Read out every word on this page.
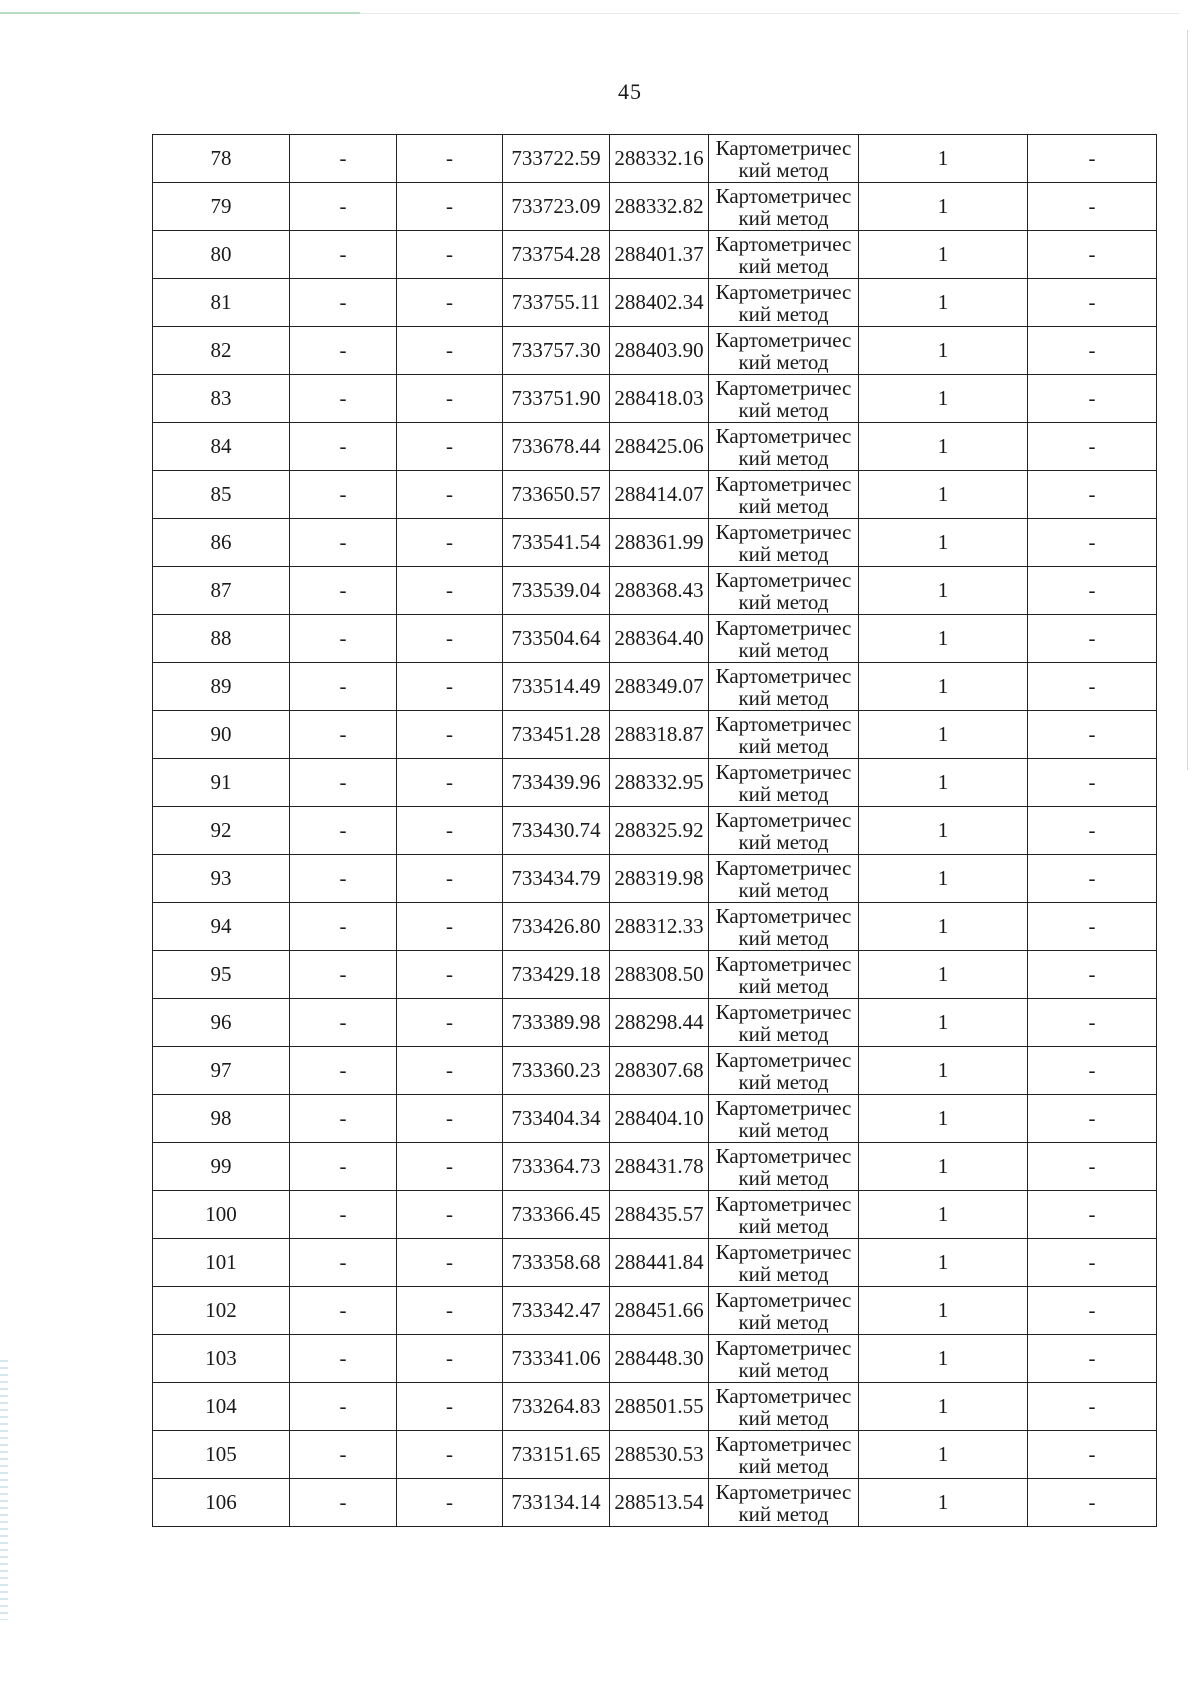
45
78	-	-	733722.59	288332.16	Картометричес
кий метод	1	-
79	-	-	733723.09	288332.82	Картометричес
кий метод	1	-
80	-	-	733754.28	288401.37	Картометричес
кий метод	1	-
81	-	-	733755.11	288402.34	Картометричес
кий метод	1	-
82	-	-	733757.30	288403.90	Картометричес
кий метод	1	-
83	-	-	733751.90	288418.03	Картометричес
кий метод	1	-
84	-	-	733678.44	288425.06	Картометричес
кий метод	1	-
85	-	-	733650.57	288414.07	Картометричес
кий метод	1	-
86	-	-	733541.54	288361.99	Картометричес
кий метод	1	-
87	-	-	733539.04	288368.43	Картометричес
кий метод	1	-
88	-	-	733504.64	288364.40	Картометричес
кий метод	1	-
89	-	-	733514.49	288349.07	Картометричес
кий метод	1	-
90	-	-	733451.28	288318.87	Картометричес
кий метод	1	-
91	-	-	733439.96	288332.95	Картометричес
кий метод	1	-
92	-	-	733430.74	288325.92	Картометричес
кий метод	1	-
93	-	-	733434.79	288319.98	Картометричес
кий метод	1	-
94	-	-	733426.80	288312.33	Картометричес
кий метод	1	-
95	-	-	733429.18	288308.50	Картометричес
кий метод	1	-
96	-	-	733389.98	288298.44	Картометричес
кий метод	1	-
97	-	-	733360.23	288307.68	Картометричес
кий метод	1	-
98	-	-	733404.34	288404.10	Картометричес
кий метод	1	-
99	-	-	733364.73	288431.78	Картометричес
кий метод	1	-
100	-	-	733366.45	288435.57	Картометричес
кий метод	1	-
101	-	-	733358.68	288441.84	Картометричес
кий метод	1	-
102	-	-	733342.47	288451.66	Картометричес
кий метод	1	-
103	-	-	733341.06	288448.30	Картометричес
кий метод	1	-
104	-	-	733264.83	288501.55	Картометричес
кий метод	1	-
105	-	-	733151.65	288530.53	Картометричес
кий метод	1	-
106	-	-	733134.14	288513.54	Картометричес
кий метод	1	-
